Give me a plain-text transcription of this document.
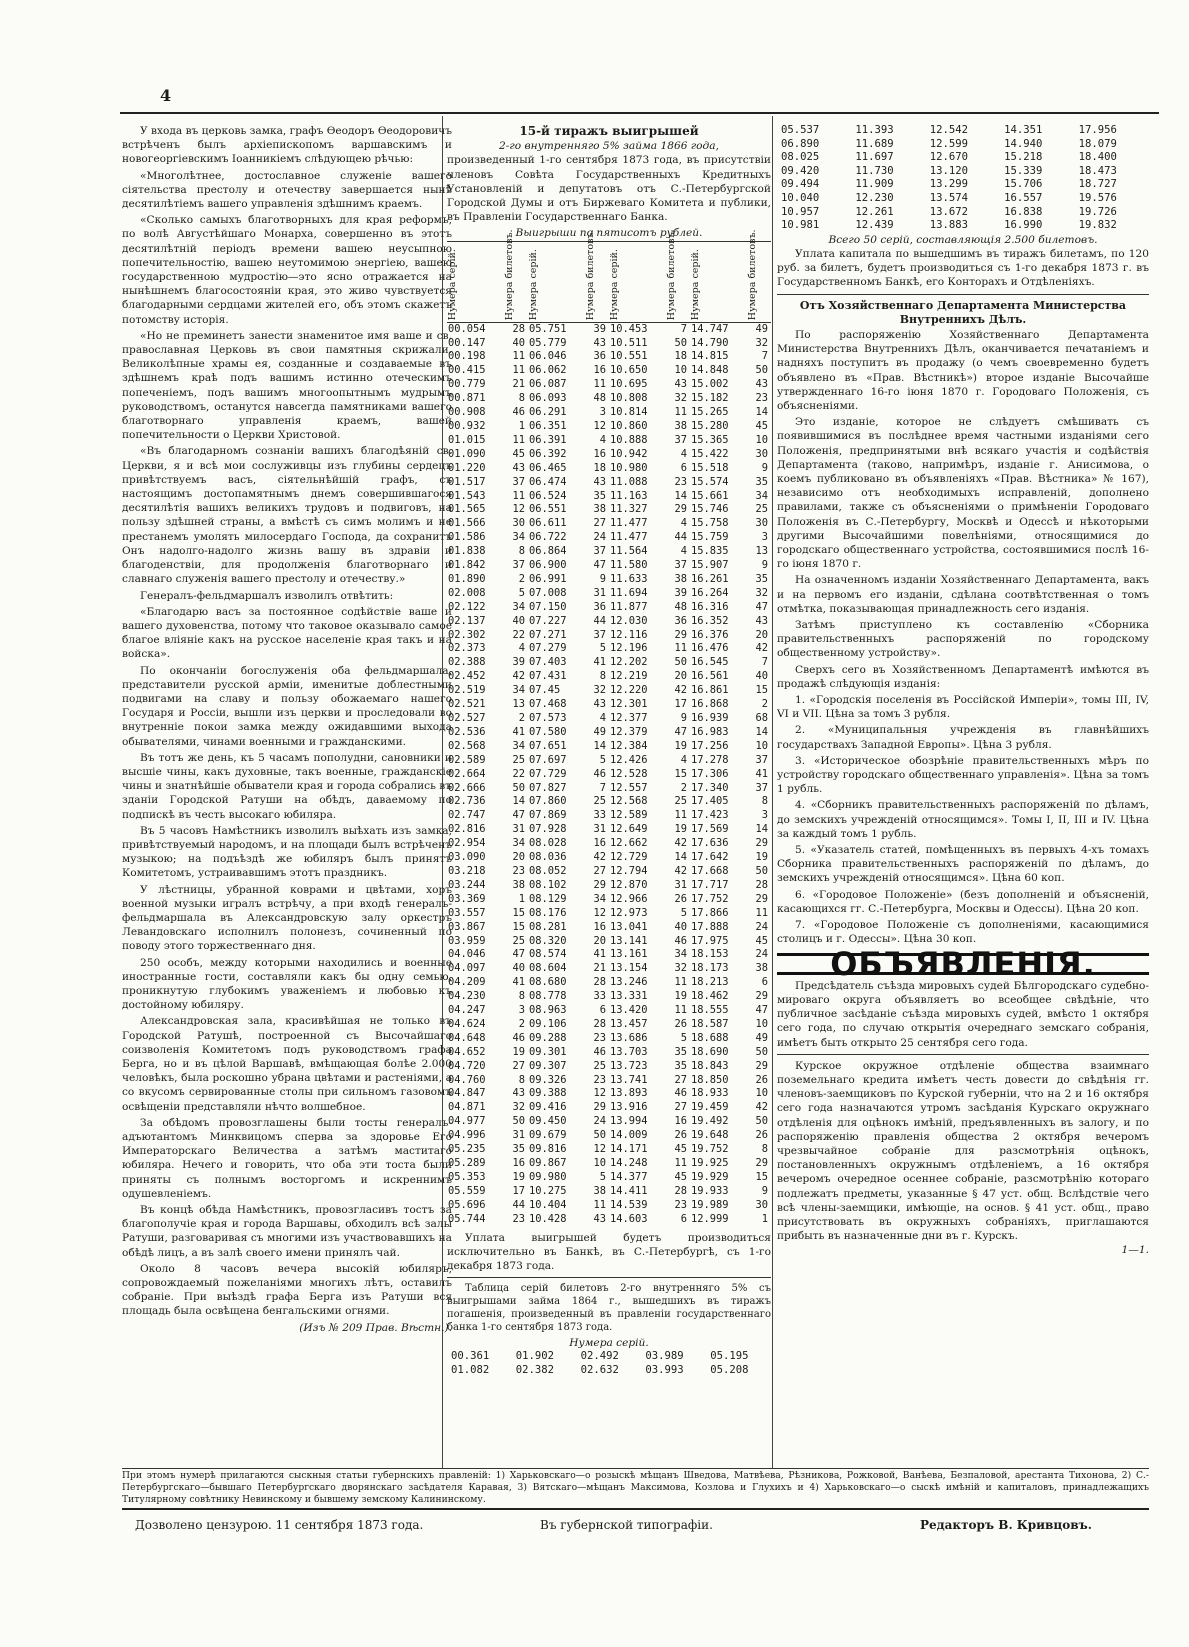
4

У входа въ церковь замка, графъ Ѳеодоръ Ѳеодоровичъ встрѣченъ былъ архіепископомъ варшавскимъ и новогеоргіевскимъ Іоанникіемъ слѣдующею рѣчью:

«Многолѣтнее, достославное служеніе вашего сіятельства престолу и отечеству завершается нынѣ десятилѣтіемъ вашего управленія здѣшнимъ краемъ.

«Сколько самыхъ благотворныхъ для края реформъ, по волѣ Августѣйшаго Монарха, совершенно въ этотъ десятилѣтній періодъ времени вашею неусыпною попечительностію, вашею неутомимою энергіею, вашею государственною мудростію—это ясно отражается на нынѣшнемъ благосостояніи края, это живо чувствуется благодарными сердцами жителей его, объ этомъ скажетъ потомству исторія.

«Но не преминетъ занести знаменитое имя ваше и св. православная Церковь въ свои памятныя скрижали. Великолѣпные храмы ея, созданные и создаваемые въ здѣшнемъ краѣ подъ вашимъ истинно отеческимъ попеченіемъ, подъ вашимъ многоопытнымъ мудрымъ руководствомъ, останутся навсегда памятниками вашего благотворнаго управленія краемъ, вашей попечительности о Церкви Христовой.

«Въ благодарномъ сознаніи вашихъ благодѣяній св. Церкви, я и всѣ мои сослуживцы изъ глубины сердецъ привѣтствуемъ васъ, сіятельнѣйшій графъ, съ настоящимъ достопамятнымъ днемъ совершившагося десятилѣтія вашихъ великихъ трудовъ и подвиговъ, на пользу здѣшней страны, а вмѣстѣ съ симъ молимъ и не престанемъ умолять милосердаго Господа, да сохранитъ Онъ надолго-надолго жизнь вашу въ здравіи и благоденствіи, для продолженія благотворнаго и славнаго служенія вашего престолу и отечеству.»

Генералъ-фельдмаршалъ изволилъ отвѣтить:

«Благодарю васъ за постоянное содѣйствіе ваше и вашего духовенства, потому что таковое оказывало самое благое вліяніе какъ на русское населеніе края такъ и на войска».

По окончаніи богослуженія оба фельдмаршала, представители русской арміи, именитые доблестными подвигами на славу и пользу обожаемаго нашего Государя и Россіи, вышли изъ церкви и проследовали во внутренніе покои замка между ожидавшими выхода обывателями, чинами военными и гражданскими.

Въ тотъ же день, къ 5 часамъ пополудни, сановники и высшіе чины, какъ духовные, такъ военные, гражданскіе чины и знатнѣйшіе обыватели края и города собрались въ зданіи Городской Ратуши на обѣдъ, даваемому по подпискѣ въ честь высокаго юбиляра.

Въ 5 часовъ Намѣстникъ изволилъ выѣхать изъ замка, привѣтствуемый народомъ, и на площади былъ встрѣченъ музыкою; на подъѣздѣ же юбиляръ былъ принятъ Комитетомъ, устраивавшимъ этотъ праздникъ.

У лѣстницы, убранной коврами и цвѣтами, хоръ военной музыки игралъ встрѣчу, а при входѣ генералъ-фельдмаршала въ Александровскую залу оркестръ Левандовскаго исполнилъ полонезъ, сочиненный по поводу этого торжественнаго дня.

250 особъ, между которыми находились и военные иностранные гости, составляли какъ бы одну семью, проникнутую глубокимъ уваженіемъ и любовью къ достойному юбиляру.

Александровская зала, красивѣйшая не только въ Городской Ратушѣ, построенной съ Высочайшаго соизволенія Комитетомъ подъ руководствомъ графа Берга, но и въ цѣлой Варшавѣ, вмѣщающая болѣе 2.000 человѣкъ, была роскошно убрана цвѣтами и растеніями, а со вкусомъ сервированные столы при сильномъ газовомъ освѣщеніи представляли нѣчто волшебное.

За обѣдомъ провозглашены были тосты генералъ-адъютантомъ Минквицомъ сперва за здоровье Его Императорскаго Величества а затѣмъ маститаго юбиляра. Нечего и говорить, что оба эти тоста были приняты съ полнымъ восторгомъ и искреннимъ одушевленіемъ.

Въ концѣ обѣда Намѣстникъ, провозгласивъ тостъ за благополучіе края и города Варшавы, обходилъ всѣ залы Ратуши, разговаривая съ многими изъ участвовавшихъ на обѣдѣ лицъ, а въ залѣ своего имени принялъ чай.

Около 8 часовъ вечера высокій юбиляръ, сопровождаемый пожеланіями многихъ лѣтъ, оставилъ собраніе. При выѣздѣ графа Берга изъ Ратуши вся площадь была освѣщена бенгальскими огнями.

(Изъ № 209 Прав. Вѣстн.).
15-й тиражъ выигрышей
2-го внутренняго 5% займа 1866 года,

произведенный 1-го сентября 1873 года, въ присутствіи членовъ Совѣта Государственныхъ Кредитныхъ Установленій и депутатовъ отъ С.-Петербургской Городской Думы и отъ Биржеваго Комитета и публики, въ Правленіи Государственнаго Банка.

Выигрыши по пятисотъ рублей.
Нумера серій.	Нумера билетовъ.	Нумера серій.	Нумера билетовъ.	Нумера серій.	Нумера билетовъ.	Нумера серій.	Нумера билетовъ.
00.054	28	05.751	39	10.453	7	14.747	49
00.147	40	05.779	43	10.511	50	14.790	32
00.198	11	06.046	36	10.551	18	14.815	7
00.415	11	06.062	16	10.650	10	14.848	50
00.779	21	06.087	11	10.695	43	15.002	43
00.871	8	06.093	48	10.808	32	15.182	23
00.908	46	06.291	3	10.814	11	15.265	14
00.932	1	06.351	12	10.860	38	15.280	45
01.015	11	06.391	4	10.888	37	15.365	10
01.090	45	06.392	16	10.942	4	15.422	30
01.220	43	06.465	18	10.980	6	15.518	9
01.517	37	06.474	43	11.088	23	15.574	35
01.543	11	06.524	35	11.163	14	15.661	34
01.565	12	06.551	38	11.327	29	15.746	25
01.566	30	06.611	27	11.477	4	15.758	30
01.586	34	06.722	24	11.477	44	15.759	3
01.838	8	06.864	37	11.564	4	15.835	13
01.842	37	06.900	47	11.580	37	15.907	9
01.890	2	06.991	9	11.633	38	16.261	35
02.008	5	07.008	31	11.694	39	16.264	32
02.122	34	07.150	36	11.877	48	16.316	47
02.137	40	07.227	44	12.030	36	16.352	43
02.302	22	07.271	37	12.116	29	16.376	20
02.373	4	07.279	5	12.196	11	16.476	42
02.388	39	07.403	41	12.202	50	16.545	7
02.452	42	07.431	8	12.219	20	16.561	40
02.519	34	07.45	32	12.220	42	16.861	15
02.521	13	07.468	43	12.301	17	16.868	2
02.527	2	07.573	4	12.377	9	16.939	68
02.536	41	07.580	49	12.379	47	16.983	14
02.568	34	07.651	14	12.384	19	17.256	10
02.589	25	07.697	5	12.426	4	17.278	37
02.664	22	07.729	46	12.528	15	17.306	41
02.666	50	07.827	7	12.557	2	17.340	37
02.736	14	07.860	25	12.568	25	17.405	8
02.747	47	07.869	33	12.589	11	17.423	3
02.816	31	07.928	31	12.649	19	17.569	14
02.954	34	08.028	16	12.662	42	17.636	29
03.090	20	08.036	42	12.729	14	17.642	19
03.218	23	08.052	27	12.794	42	17.668	50
03.244	38	08.102	29	12.870	31	17.717	28
03.369	1	08.129	34	12.966	26	17.752	29
03.557	15	08.176	12	12.973	5	17.866	11
03.867	15	08.281	16	13.041	40	17.888	24
03.959	25	08.320	20	13.141	46	17.975	45
04.046	47	08.574	41	13.161	34	18.153	24
04.097	40	08.604	21	13.154	32	18.173	38
04.209	41	08.680	28	13.246	11	18.213	6
04.230	8	08.778	33	13.331	19	18.462	29
04.247	3	08.963	6	13.420	11	18.555	47
04.624	2	09.106	28	13.457	26	18.587	10
04.648	46	09.288	23	13.686	5	18.688	49
04.652	19	09.301	46	13.703	35	18.690	50
04.720	27	09.307	25	13.723	35	18.843	29
04.760	8	09.326	23	13.741	27	18.850	26
04.847	43	09.388	12	13.893	46	18.933	10
04.871	32	09.416	29	13.916	27	19.459	42
04.977	50	09.450	24	13.994	16	19.492	50
04.996	31	09.679	50	14.009	26	19.648	26
05.235	35	09.816	12	14.171	45	19.752	8
05.289	16	09.867	10	14.248	11	19.925	29
05.353	19	09.980	5	14.377	45	19.929	15
05.559	17	10.275	38	14.411	28	19.933	9
05.696	44	10.404	11	14.539	23	19.989	30
05.744	23	10.428	43	14.603	6	12.999	1

Уплата выигрышей будетъ производиться исключительно въ Банкѣ, въ С.-Петербургѣ, съ 1-го декабря 1873 года.

Таблица серій билетовъ 2-го внутренняго 5% съ выигрышами займа 1864 г., вышедшихъ въ тиражъ погашенія, произведенный въ правленіи государственнаго банка 1-го сентября 1873 года.

Нумера серій.
00.361	01.902	02.492	03.989	05.195
01.082	02.382	02.632	03.993	05.208
05.537	11.393	12.542	14.351	17.956
06.890	11.689	12.599	14.940	18.079
08.025	11.697	12.670	15.218	18.400
09.420	11.730	13.120	15.339	18.473
09.494	11.909	13.299	15.706	18.727
10.040	12.230	13.574	16.557	19.576
10.957	12.261	13.672	16.838	19.726
10.981	12.439	13.883	16.990	19.832
Всего 50 серій, составляющія 2.500 билетовъ.

Уплата капитала по вышедшимъ въ тиражъ билетамъ, по 120 руб. за билетъ, будетъ производиться съ 1-го декабря 1873 г. въ Государственномъ Банкѣ, его Конторахъ и Отдѣленіяхъ.

Отъ Хозяйственнаго Департамента Министерства Внутреннихъ Дѣлъ.

По распоряженію Хозяйственнаго Департамента Министерства Внутреннихъ Дѣлъ, оканчивается печатаніемъ и надняхъ поступитъ въ продажу (о чемъ своевременно будетъ объявлено въ «Прав. Вѣстникѣ») второе изданіе Высочайше утвержденнаго 16-го іюня 1870 г. Городоваго Положенія, съ объясненіями.

Это изданіе, которое не слѣдуетъ смѣшивать съ появившимися въ послѣднее время частными изданіями сего Положенія, предпринятыми внѣ всякаго участія и содѣйствія Департамента (таково, напримѣръ, изданіе г. Анисимова, о коемъ публиковано въ объявленіяхъ «Прав. Вѣстника» № 167), независимо отъ необходимыхъ исправленій, дополнено правилами, также съ объясненіями о примѣненіи Городоваго Положенія въ С.-Петербургу, Москвѣ и Одессѣ и нѣкоторыми другими Высочайшими повелѣніями, относящимися до городскаго общественнаго устройства, состоявшимися послѣ 16-го іюня 1870 г.

На означенномъ изданіи Хозяйственнаго Департамента, вакъ и на первомъ его изданіи, сдѣлана соотвѣтственная о томъ отмѣтка, показывающая принадлежность сего изданія.

Затѣмъ приступлено къ составленію «Сборника правительственныхъ распоряженій по городскому общественному устройству».

Сверхъ сего въ Хозяйственномъ Департаментѣ имѣются въ продажѣ слѣдующія изданія:

1. «Городскія поселенія въ Россійской Имперіи», томы III, IV, VI и VII. Цѣна за томъ 3 рубля.

2. «Муниципальныя учрежденія въ главнѣйшихъ государствахъ Западной Европы». Цѣна 3 рубля.

3. «Историческое обозрѣніе правительственныхъ мѣръ по устройству городскаго общественнаго управленія». Цѣна за томъ 1 рубль.

4. «Сборникъ правительственныхъ распоряженій по дѣламъ, до земскихъ учрежденій относящимся». Томы I, II, III и IV. Цѣна за каждый томъ 1 рубль.

5. «Указатель статей, помѣщенныхъ въ первыхъ 4-хъ томахъ Сборника правительственныхъ распоряженій по дѣламъ, до земскихъ учрежденій относящимся». Цѣна 60 коп.

6. «Городовое Положеніе» (безъ дополненій и объясненій, касающихся гг. С.-Петербурга, Москвы и Одессы). Цѣна 20 коп.

7. «Городовое Положеніе съ дополненіями, касающимися столицъ и г. Одессы». Цѣна 30 коп.

ОБЪЯВЛЕНІЯ.

Предсѣдатель съѣзда мировыхъ судей Бѣлгородскаго судебно-мироваго округа объявляетъ во всеобщее свѣдѣніе, что публичное засѣданіе съѣзда мировыхъ судей, вмѣсто 1 октября сего года, по случаю открытія очереднаго земскаго собранія, имѣетъ быть открыто 25 сентября сего года.

Курское окружное отдѣленіе общества взаимнаго поземельнаго кредита имѣетъ честь довести до свѣдѣнія гг. членовъ-заемщиковъ по Курской губерніи, что на 2 и 16 октября сего года назначаются утромъ засѣданія Курскаго окружнаго отдѣленія для оцѣнокъ имѣній, предъявленныхъ въ залогу, и по распоряженію правленія общества 2 октября вечеромъ чрезвычайное собраніе для разсмотрѣнія оцѣнокъ, постановленныхъ окружнымъ отдѣленіемъ, а 16 октября вечеромъ очередное осеннее собраніе, разсмотрѣнію котораго подлежатъ предметы, указанные § 47 уст. общ. Вслѣдствіе чего всѣ члены-заемщики, имѣющіе, на основ. § 41 уст. общ., право присутствовать въ окружныхъ собраніяхъ, приглашаются прибыть въ назначенные дни въ г. Курскъ.

1—1.
При этомъ нумерѣ прилагаются сыскныя статьи губернскихъ правленій: 1) Харьковскаго—о розыскѣ мѣщанъ Шведова, Матвѣева, Рѣзникова, Рожковой, Ванѣева, Безпаловой, арестанта Тихонова, 2) С.-Петербургскаго—бывшаго Петербургскаго дворянскаго засѣдателя Каравая, 3) Вятскаго—мѣщанъ Максимова, Козлова и Глухихъ и 4) Харьковскаго—о сыскѣ имѣній и капиталовъ, принадлежащихъ Титулярному совѣтнику Невинскому и бывшему земскому Калининскому.
Дозволено цензурою. 11 сентября 1873 года.	Въ губернской типографіи.	Редакторъ В. Кривцовъ.
